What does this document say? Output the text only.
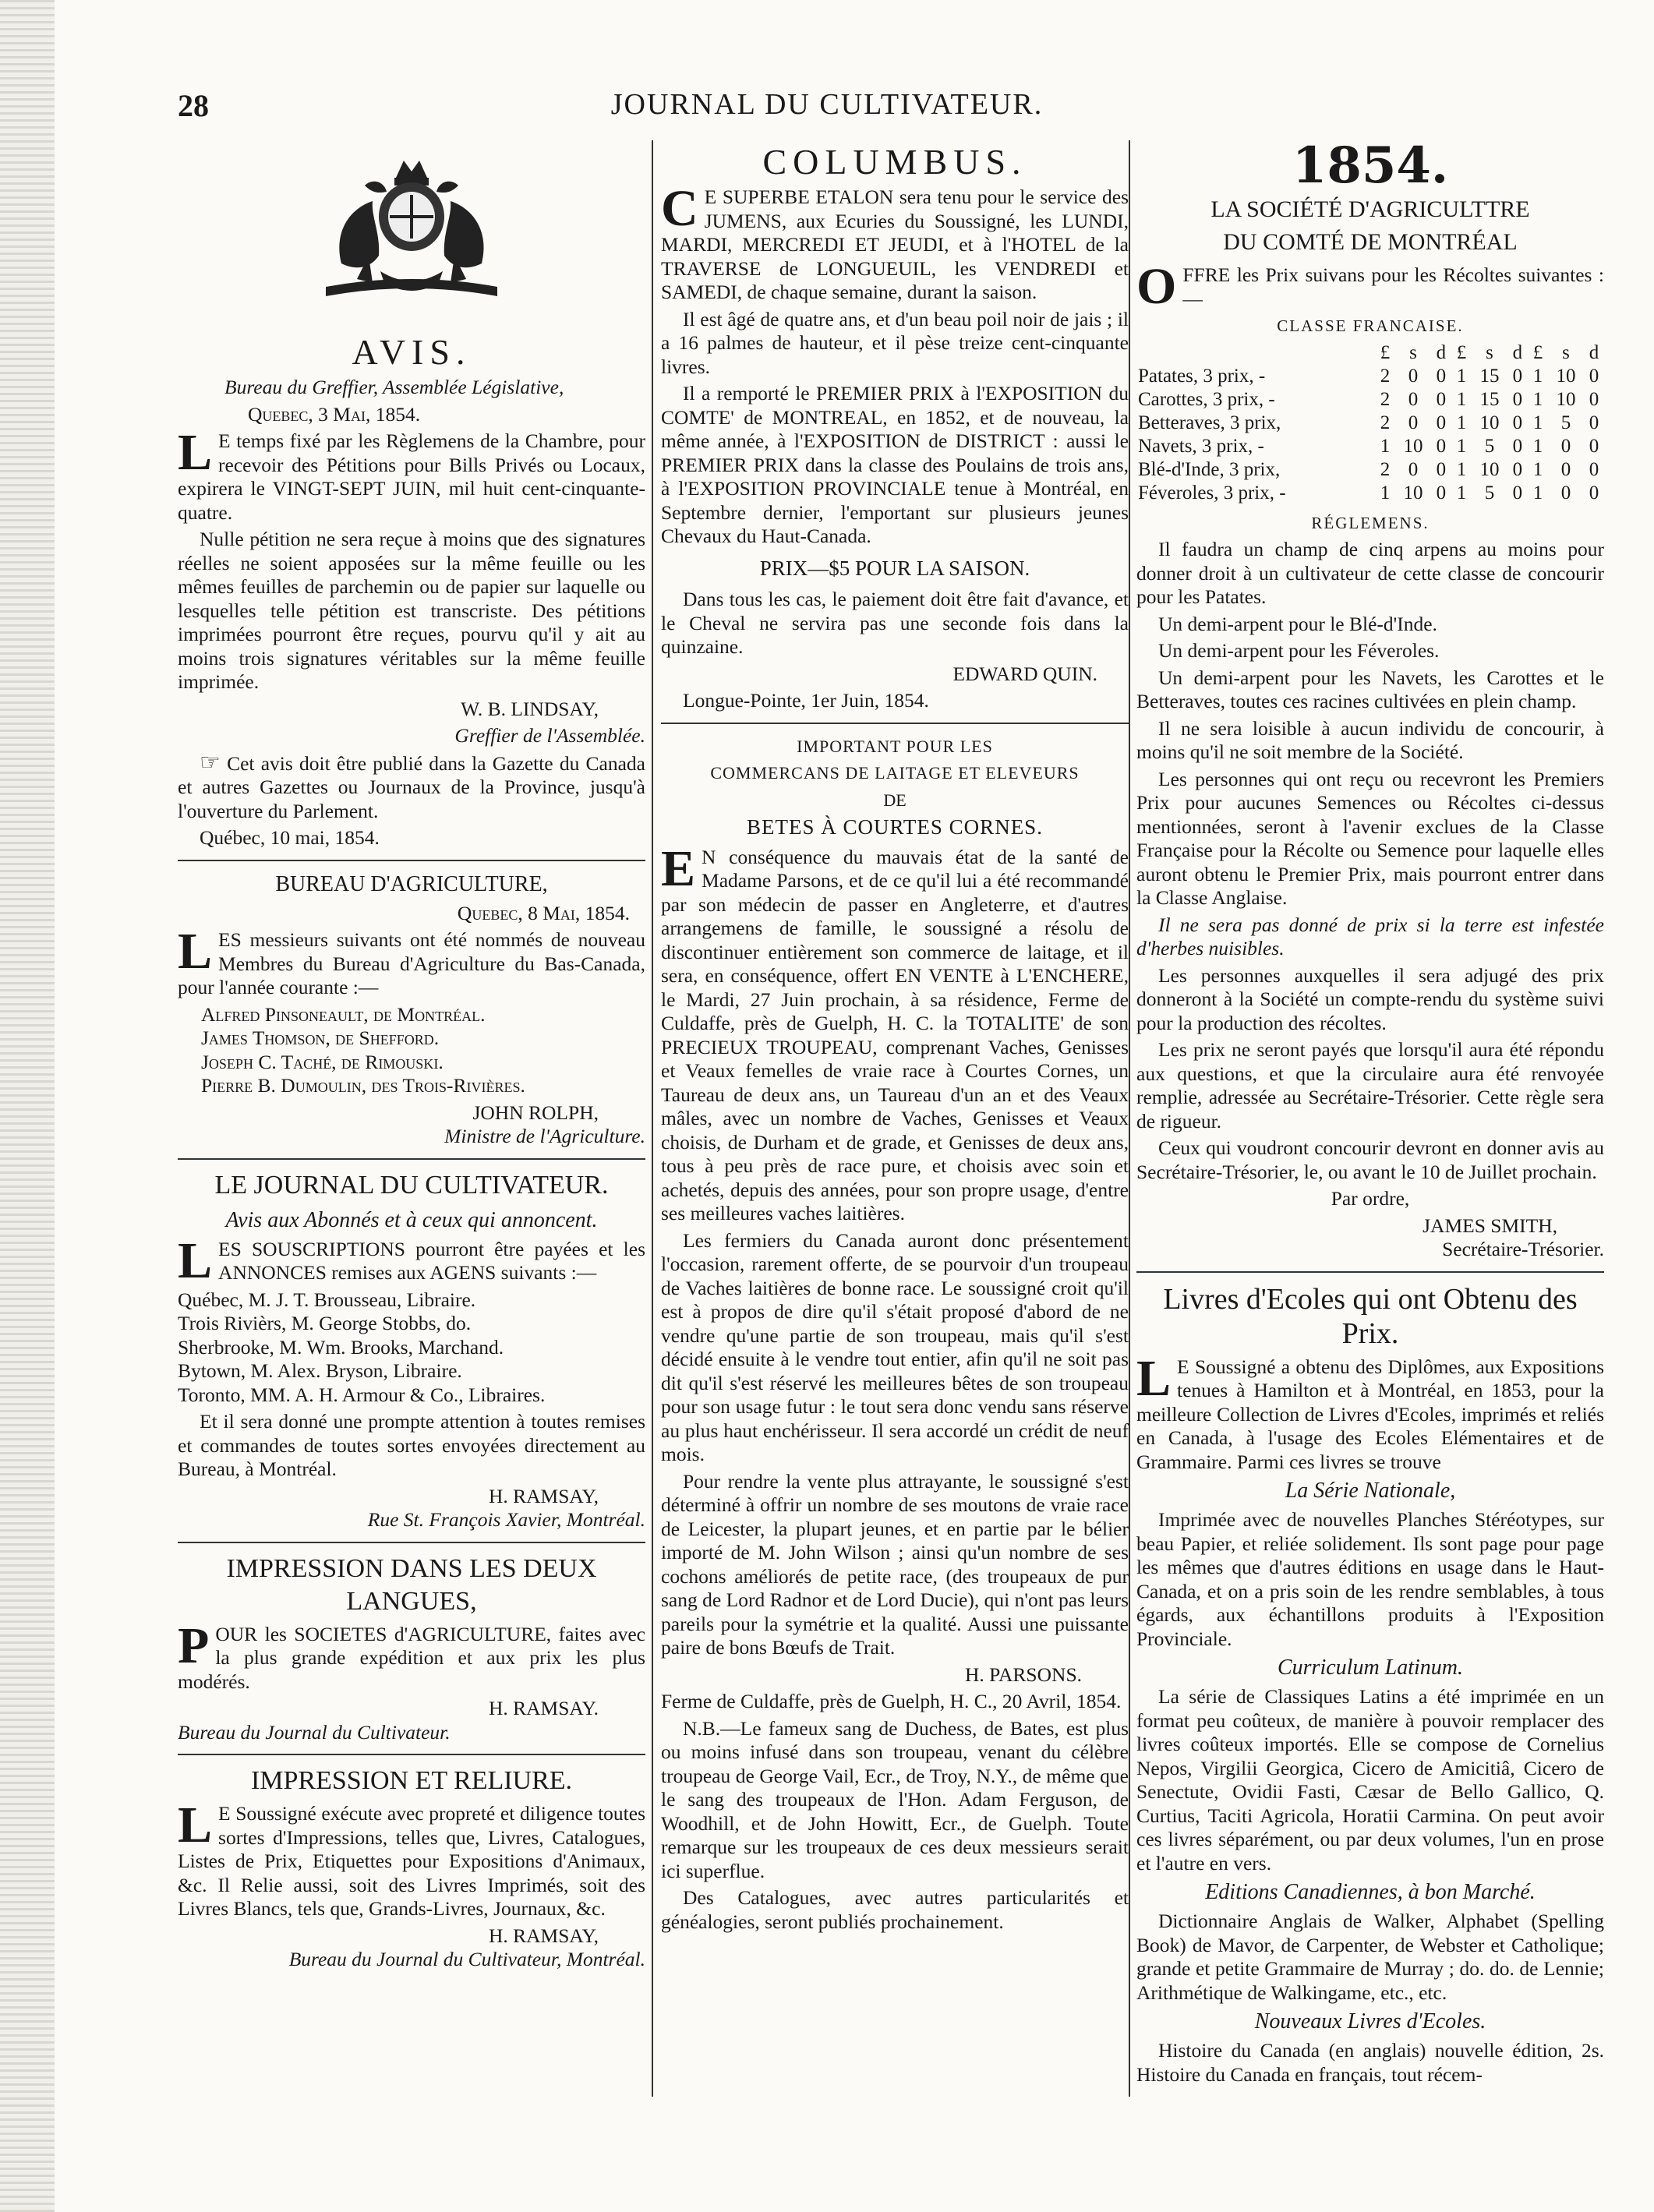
JOURNAL DU CULTIVATEUR.
28
AVIS.

Bureau du Greffier, Assemblée Législative,

Quebec, 3 Mai, 1854.

L E temps fixé par les Règlemens de la Chambre, pour recevoir des Pétitions pour Bills Privés ou Locaux, expirera le VINGT-SEPT JUIN, mil huit cent-cinquante-quatre.

Nulle pétition ne sera reçue à moins que des signatures réelles ne soient apposées sur la même feuille ou les mêmes feuilles de parchemin ou de papier sur laquelle ou lesquelles telle pétition est transcriste. Des pétitions imprimées pourront être reçues, pourvu qu'il y ait au moins trois signatures véritables sur la même feuille imprimée.

W. B. LINDSAY,

Greffier de l'Assemblée.

☞ Cet avis doit être publié dans la Gazette du Canada et autres Gazettes ou Journaux de la Province, jusqu'à l'ouverture du Parlement.

Québec, 10 mai, 1854.

BUREAU D'AGRICULTURE,

Quebec, 8 Mai, 1854.

LES messieurs suivants ont été nommés de nouveau Membres du Bureau d'Agriculture du Bas-Canada, pour l'année courante :—

Alfred Pinsoneault, de Montréal.

James Thomson, de Shefford.

Joseph C. Taché, de Rimouski.

Pierre B. Dumoulin, des Trois-Rivières.

JOHN ROLPH,

Ministre de l'Agriculture.

LE JOURNAL DU CULTIVATEUR.
Avis aux Abonnés et à ceux qui annoncent.

LES SOUSCRIPTIONS pourront être payées et les ANNONCES remises aux AGENS suivants :—

Québec, M. J. T. Brousseau, Libraire.

Trois Rivièrs, M. George Stobbs, do.

Sherbrooke, M. Wm. Brooks, Marchand.

Bytown, M. Alex. Bryson, Libraire.

Toronto, MM. A. H. Armour & Co., Libraires.

Et il sera donné une prompte attention à toutes remises et commandes de toutes sortes envoyées directement au Bureau, à Montréal.

H. RAMSAY,

Rue St. François Xavier, Montréal.

IMPRESSION DANS LES DEUX LANGUES,

POUR les SOCIETES d'AGRICULTURE, faites avec la plus grande expédition et aux prix les plus modérés.

H. RAMSAY.

Bureau du Journal du Cultivateur.

IMPRESSION ET RELIURE.

L E Soussigné exécute avec propreté et diligence toutes sortes d'Impressions, telles que, Livres, Catalogues, Listes de Prix, Etiquettes pour Expositions d'Animaux, &c. Il Relie aussi, soit des Livres Imprimés, soit des Livres Blancs, tels que, Grands-Livres, Journaux, &c.

H. RAMSAY,

Bureau du Journal du Cultivateur, Montréal.

COLUMBUS.

C E SUPERBE ETALON sera tenu pour le service des JUMENS, aux Ecuries du Soussigné, les LUNDI, MARDI, MERCREDI ET JEUDI, et à l'HOTEL de la TRAVERSE de LONGUEUIL, les VENDREDI et SAMEDI, de chaque semaine, durant la saison.

Il est âgé de quatre ans, et d'un beau poil noir de jais ; il a 16 palmes de hauteur, et il pèse treize cent-cinquante livres.

Il a remporté le PREMIER PRIX à l'EXPOSITION du COMTE' de MONTREAL, en 1852, et de nouveau, la même année, à l'EXPOSITION de DISTRICT : aussi le PREMIER PRIX dans la classe des Poulains de trois ans, à l'EXPOSITION PROVINCIALE tenue à Montréal, en Septembre dernier, l'emportant sur plusieurs jeunes Chevaux du Haut-Canada.

PRIX—$5 POUR LA SAISON.

Dans tous les cas, le paiement doit être fait d'avance, et le Cheval ne servira pas une seconde fois dans la quinzaine.

EDWARD QUIN.

Longue-Pointe, 1er Juin, 1854.

IMPORTANT POUR LES

COMMERCANS DE LAITAGE ET ELEVEURS

DE

BETES À COURTES CORNES.

E N conséquence du mauvais état de la santé de Madame Parsons, et de ce qu'il lui a été recommandé par son médecin de passer en Angleterre, et d'autres arrangemens de famille, le soussigné a résolu de discontinuer entièrement son commerce de laitage, et il sera, en conséquence, offert EN VENTE à L'ENCHERE, le Mardi, 27 Juin prochain, à sa résidence, Ferme de Culdaffe, près de Guelph, H. C. la TOTALITE' de son PRECIEUX TROUPEAU, comprenant Vaches, Genisses et Veaux femelles de vraie race à Courtes Cornes, un Taureau de deux ans, un Taureau d'un an et des Veaux mâles, avec un nombre de Vaches, Genisses et Veaux choisis, de Durham et de grade, et Genisses de deux ans, tous à peu près de race pure, et choisis avec soin et achetés, depuis des années, pour son propre usage, d'entre ses meilleures vaches laitières.

Les fermiers du Canada auront donc présentement l'occasion, rarement offerte, de se pourvoir d'un troupeau de Vaches laitières de bonne race. Le soussigné croit qu'il est à propos de dire qu'il s'était proposé d'abord de ne vendre qu'une partie de son troupeau, mais qu'il s'est décidé ensuite à le vendre tout entier, afin qu'il ne soit pas dit qu'il s'est réservé les meilleures bêtes de son troupeau pour son usage futur : le tout sera donc vendu sans réserve au plus haut enchérisseur. Il sera accordé un crédit de neuf mois.

Pour rendre la vente plus attrayante, le soussigné s'est déterminé à offrir un nombre de ses moutons de vraie race de Leicester, la plupart jeunes, et en partie par le bélier importé de M. John Wilson ; ainsi qu'un nombre de ses cochons améliorés de petite race, (des troupeaux de pur sang de Lord Radnor et de Lord Ducie), qui n'ont pas leurs pareils pour la symétrie et la qualité. Aussi une puissante paire de bons Bœufs de Trait.

H. PARSONS.

Ferme de Culdaffe, près de Guelph, H. C., 20 Avril, 1854.

N.B.—Le fameux sang de Duchess, de Bates, est plus ou moins infusé dans son troupeau, venant du célèbre troupeau de George Vail, Ecr., de Troy, N.Y., de même que le sang des troupeaux de l'Hon. Adam Ferguson, de Woodhill, et de John Howitt, Ecr., de Guelph. Toute remarque sur les troupeaux de ces deux messieurs serait ici superflue.

Des Catalogues, avec autres particularités et généalogies, seront publiés prochainement.

1854.
LA SOCIÉTÉ D'AGRICULTTRE
DU COMTÉ DE MONTRÉAL

OFFRE les Prix suivans pour les Récoltes suivantes :—

CLASSE FRANCAISE.

	£	s	d	£	s	d	£	s	d
Patates, 3 prix, -	2	0	0	1	15	0	1	10	0
Carottes, 3 prix, -	2	0	0	1	15	0	1	10	0
Betteraves, 3 prix,	2	0	0	1	10	0	1	5	0
Navets, 3 prix, -	1	10	0	1	5	0	1	0	0
Blé-d'Inde, 3 prix,	2	0	0	1	10	0	1	0	0
Féveroles, 3 prix, -	1	10	0	1	5	0	1	0	0

RÉGLEMENS.

Il faudra un champ de cinq arpens au moins pour donner droit à un cultivateur de cette classe de concourir pour les Patates.

Un demi-arpent pour le Blé-d'Inde.

Un demi-arpent pour les Féveroles.

Un demi-arpent pour les Navets, les Carottes et le Betteraves, toutes ces racines cultivées en plein champ.

Il ne sera loisible à aucun individu de concourir, à moins qu'il ne soit membre de la Société.

Les personnes qui ont reçu ou recevront les Premiers Prix pour aucunes Semences ou Récoltes ci-dessus mentionnées, seront à l'avenir exclues de la Classe Française pour la Récolte ou Semence pour laquelle elles auront obtenu le Premier Prix, mais pourront entrer dans la Classe Anglaise.

Il ne sera pas donné de prix si la terre est infestée d'herbes nuisibles.

Les personnes auxquelles il sera adjugé des prix donneront à la Société un compte-rendu du système suivi pour la production des récoltes.

Les prix ne seront payés que lorsqu'il aura été répondu aux questions, et que la circulaire aura été renvoyée remplie, adressée au Secrétaire-Trésorier. Cette règle sera de rigueur.

Ceux qui voudront concourir devront en donner avis au Secrétaire-Trésorier, le, ou avant le 10 de Juillet prochain.

Par ordre,

JAMES SMITH,

Secrétaire-Trésorier.

Livres d'Ecoles qui ont Obtenu des Prix.

L E Soussigné a obtenu des Diplômes, aux Expositions tenues à Hamilton et à Montréal, en 1853, pour la meilleure Collection de Livres d'Ecoles, imprimés et reliés en Canada, à l'usage des Ecoles Elémentaires et de Grammaire. Parmi ces livres se trouve

La Série Nationale,

Imprimée avec de nouvelles Planches Stéréotypes, sur beau Papier, et reliée solidement. Ils sont page pour page les mêmes que d'autres éditions en usage dans le Haut-Canada, et on a pris soin de les rendre semblables, à tous égards, aux échantillons produits à l'Exposition Provinciale.

Curriculum Latinum.

La série de Classiques Latins a été imprimée en un format peu coûteux, de manière à pouvoir remplacer des livres coûteux importés. Elle se compose de Cornelius Nepos, Virgilii Georgica, Cicero de Amicitiâ, Cicero de Senectute, Ovidii Fasti, Cæsar de Bello Gallico, Q. Curtius, Taciti Agricola, Horatii Carmina. On peut avoir ces livres séparément, ou par deux volumes, l'un en prose et l'autre en vers.

Editions Canadiennes, à bon Marché.

Dictionnaire Anglais de Walker, Alphabet (Spelling Book) de Mavor, de Carpenter, de Webster et Catholique; grande et petite Grammaire de Murray ; do. do. de Lennie; Arithmétique de Walkingame, etc., etc.

Nouveaux Livres d'Ecoles.

Histoire du Canada (en anglais) nouvelle édition, 2s. Histoire du Canada en français, tout récem-
